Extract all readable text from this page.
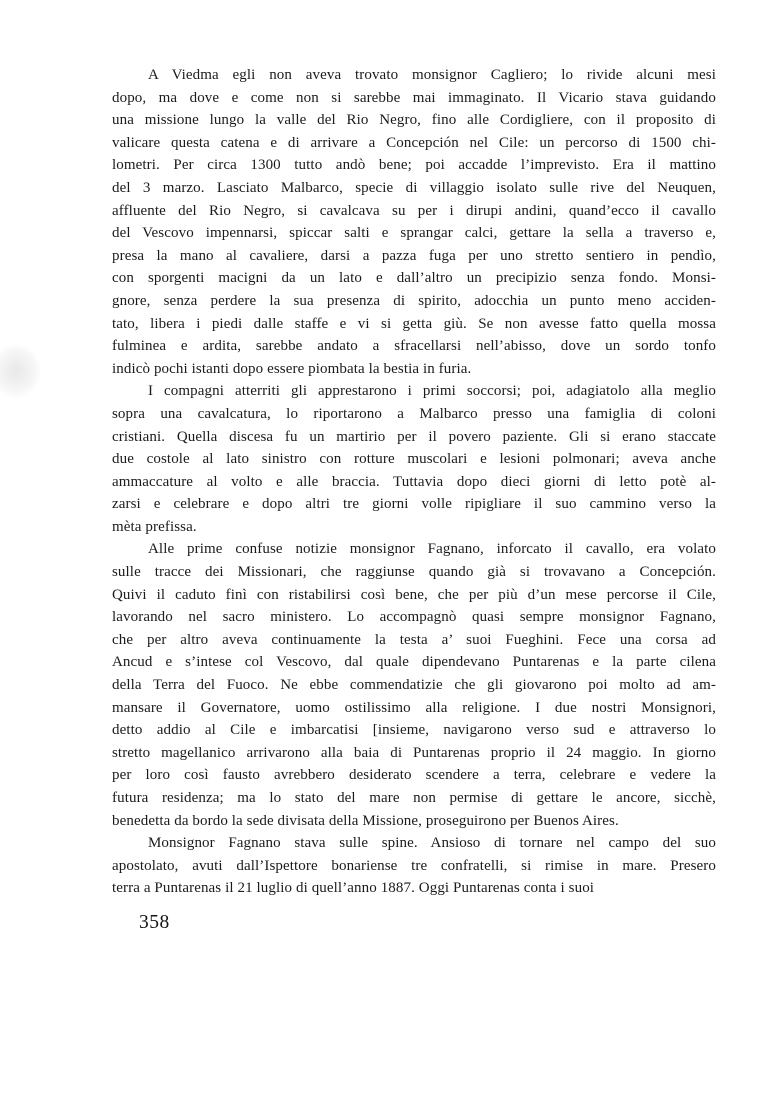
A Viedma egli non aveva trovato monsignor Cagliero; lo rivide alcuni mesi
dopo, ma dove e come non si sarebbe mai immaginato. Il Vicario stava guidando
una missione lungo la valle del Rio Negro, fino alle Cordigliere, con il proposito di
valicare questa catena e di arrivare a Concepción nel Cile: un percorso di 1500 chi-
lometri. Per circa 1300 tutto andò bene; poi accadde l’imprevisto. Era il mattino
del 3 marzo. Lasciato Malbarco, specie di villaggio isolato sulle rive del Neuquen,
affluente del Rio Negro, si cavalcava su per i dirupi andini, quand’ecco il cavallo
del Vescovo impennarsi, spiccar salti e sprangar calci, gettare la sella a traverso e,
presa la mano al cavaliere, darsi a pazza fuga per uno stretto sentiero in pendìo,
con sporgenti macigni da un lato e dall’altro un precipizio senza fondo. Monsi-
gnore, senza perdere la sua presenza di spirito, adocchia un punto meno acciden-
tato, libera i piedi dalle staffe e vi si getta giù. Se non avesse fatto quella mossa
fulminea e ardita, sarebbe andato a sfracellarsi nell’abisso, dove un sordo tonfo
indicò pochi istanti dopo essere piombata la bestia in furia.
I compagni atterriti gli apprestarono i primi soccorsi; poi, adagiatolo alla meglio
sopra una cavalcatura, lo riportarono a Malbarco presso una famiglia di coloni
cristiani. Quella discesa fu un martirio per il povero paziente. Gli si erano staccate
due costole al lato sinistro con rotture muscolari e lesioni polmonari; aveva anche
ammaccature al volto e alle braccia. Tuttavia dopo dieci giorni di letto potè al-
zarsi e celebrare e dopo altri tre giorni volle ripigliare il suo cammino verso la
mèta prefissa.
Alle prime confuse notizie monsignor Fagnano, inforcato il cavallo, era volato
sulle tracce dei Missionari, che raggiunse quando già si trovavano a Concepción.
Quivi il caduto finì con ristabilirsi così bene, che per più d’un mese percorse il Cile,
lavorando nel sacro ministero. Lo accompagnò quasi sempre monsignor Fagnano,
che per altro aveva continuamente la testa a’ suoi Fueghini. Fece una corsa ad
Ancud e s’intese col Vescovo, dal quale dipendevano Puntarenas e la parte cilena
della Terra del Fuoco. Ne ebbe commendatizie che gli giovarono poi molto ad am-
mansare il Governatore, uomo ostilissimo alla religione. I due nostri Monsignori,
detto addio al Cile e imbarcatisi [insieme, navigarono verso sud e attraverso lo
stretto magellanico arrivarono alla baia di Puntarenas proprio il 24 maggio. In giorno
per loro così fausto avrebbero desiderato scendere a terra, celebrare e vedere la
futura residenza; ma lo stato del mare non permise di gettare le ancore, sicchè,
benedetta da bordo la sede divisata della Missione, proseguirono per Buenos Aires.
Monsignor Fagnano stava sulle spine. Ansioso di tornare nel campo del suo
apostolato, avuti dall’Ispettore bonariense tre confratelli, si rimise in mare. Presero
terra a Puntarenas il 21 luglio di quell’anno 1887. Oggi Puntarenas conta i suoi
358
